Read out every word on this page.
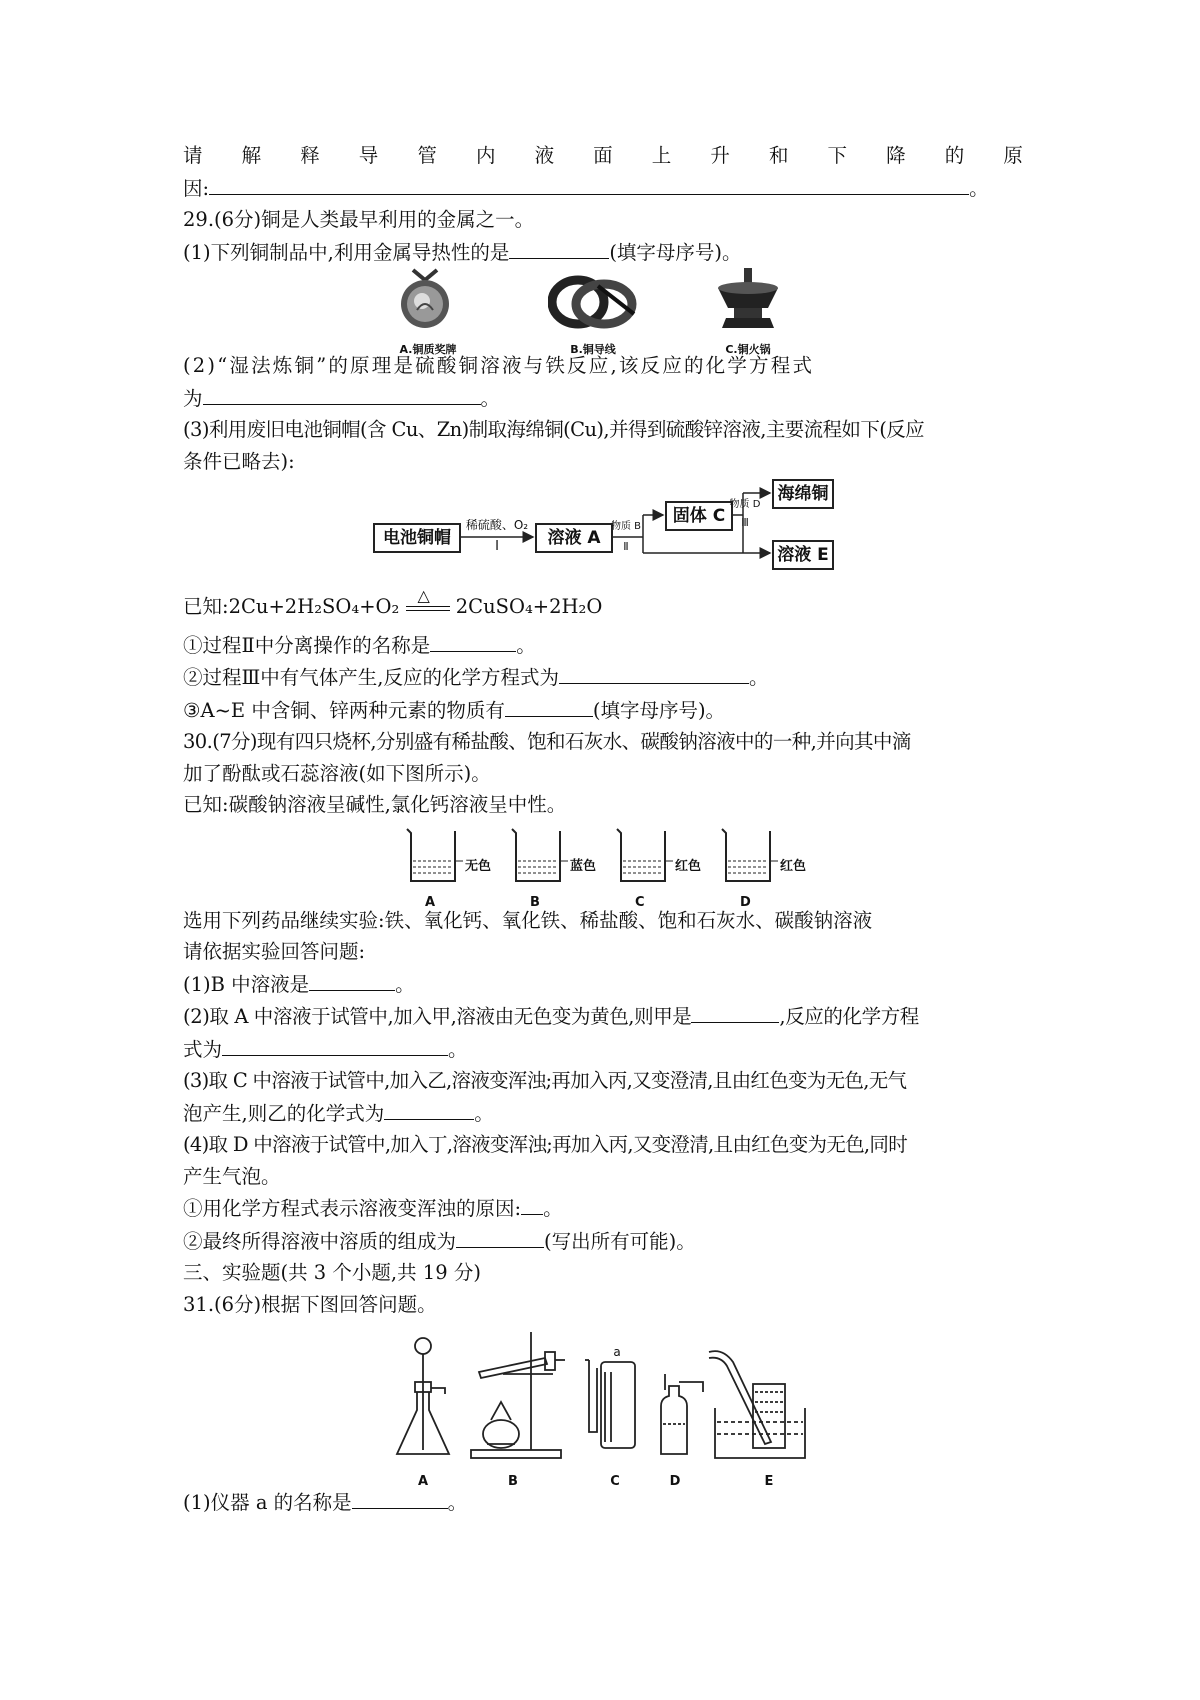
请 解 释 导 管 内 液 面 上 升 和 下 降 的 原

因:	。

29.(6分)铜是人类最早利用的金属之一。

(1)下列铜制品中,利用金属导热性的是	(填字母序号)。

A.铜质奖牌	B.铜导线	C.铜火锅

(2)“湿法炼铜”的原理是硫酸铜溶液与铁反应,该反应的化学方程式

为	。

(3)利用废旧电池铜帽(含 Cu、Zn)制取海绵铜(Cu),并得到硫酸锌溶液,主要流程如下(反应

条件已略去):

电池铜帽
稀硫酸、O₂
Ⅰ	溶液 A
物质 B
Ⅱ
固体 C
物质 D
Ⅲ
海绵铜
溶液 E

已知:2Cu+2H₂SO₄+O₂ △ 2CuSO₄+2H₂O

①过程Ⅱ中分离操作的名称是	。

②过程Ⅲ中有气体产生,反应的化学方程式为	。

③A~E 中含铜、锌两种元素的物质有	(填字母序号)。

30.(7分)现有四只烧杯,分别盛有稀盐酸、饱和石灰水、碳酸钠溶液中的一种,并向其中滴

加了酚酞或石蕊溶液(如下图所示)。

已知:碳酸钠溶液呈碱性,氯化钙溶液呈中性。

无色
A
蓝色
B
红色
C
红色
D

选用下列药品继续实验:铁、氧化钙、氧化铁、稀盐酸、饱和石灰水、碳酸钠溶液

请依据实验回答问题:

(1)B 中溶液是	。

(2)取 A 中溶液于试管中,加入甲,溶液由无色变为黄色,则甲是	,反应的化学方程

式为	。

(3)取 C 中溶液于试管中,加入乙,溶液变浑浊;再加入丙,又变澄清,且由红色变为无色,无气

泡产生,则乙的化学式为	。

(4)取 D 中溶液于试管中,加入丁,溶液变浑浊;再加入丙,又变澄清,且由红色变为无色,同时

产生气泡。

①用化学方程式表示溶液变浑浊的原因: 。

②最终所得溶液中溶质的组成为	(写出所有可能)。

三、实验题(共 3 个小题,共 19 分)

31.(6分)根据下图回答问题。

a
A	B	C	D	E

(1)仪器 a 的名称是	。
